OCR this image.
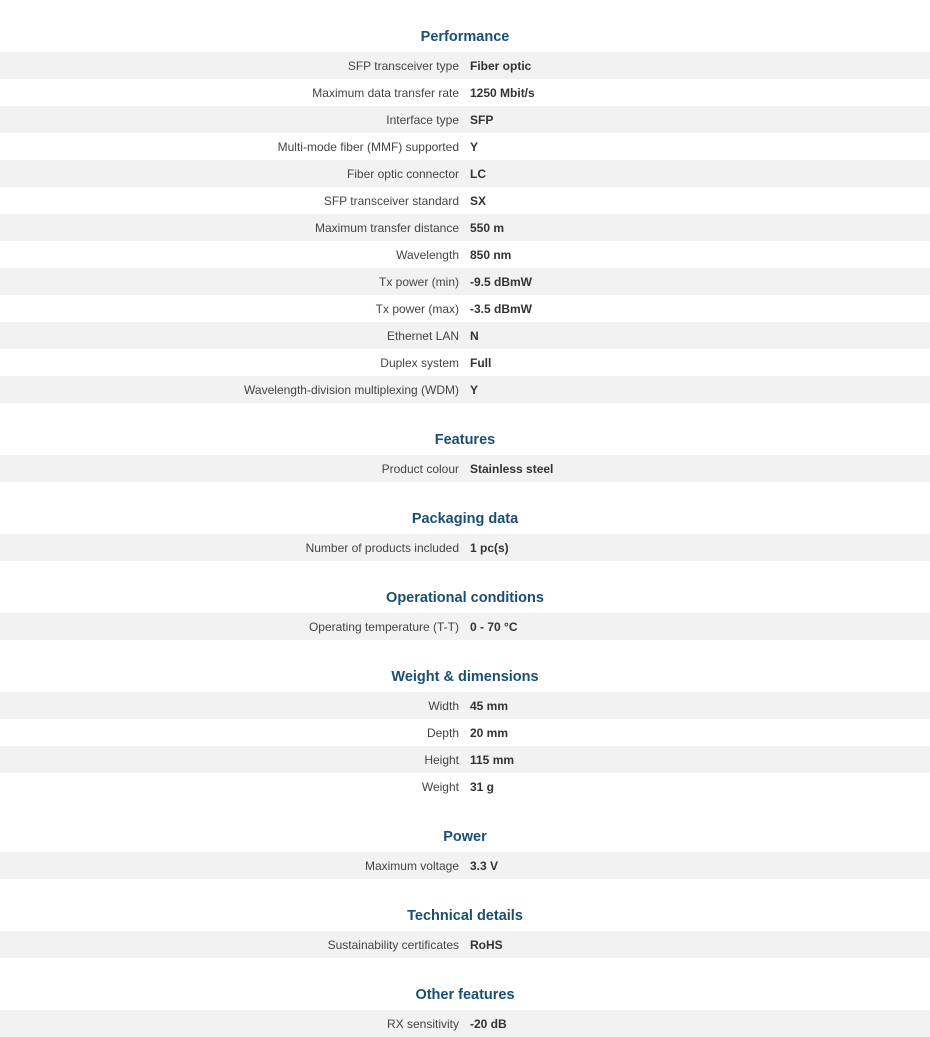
Performance
SFP transceiver type Fiber optic
Maximum data transfer rate 1250 Mbit/s
Interface type SFP
Multi-mode fiber (MMF) supported Y
Fiber optic connector LC
SFP transceiver standard SX
Maximum transfer distance 550 m
Wavelength 850 nm
Tx power (min) -9.5 dBmW
Tx power (max) -3.5 dBmW
Ethernet LAN N
Duplex system Full
Wavelength-division multiplexing (WDM) Y
Features
Product colour Stainless steel
Packaging data
Number of products included 1 pc(s)
Operational conditions
Operating temperature (T-T) 0 - 70 °C
Weight & dimensions
Width 45 mm
Depth 20 mm
Height 115 mm
Weight 31 g
Power
Maximum voltage 3.3 V
Technical details
Sustainability certificates RoHS
Other features
RX sensitivity -20 dB
